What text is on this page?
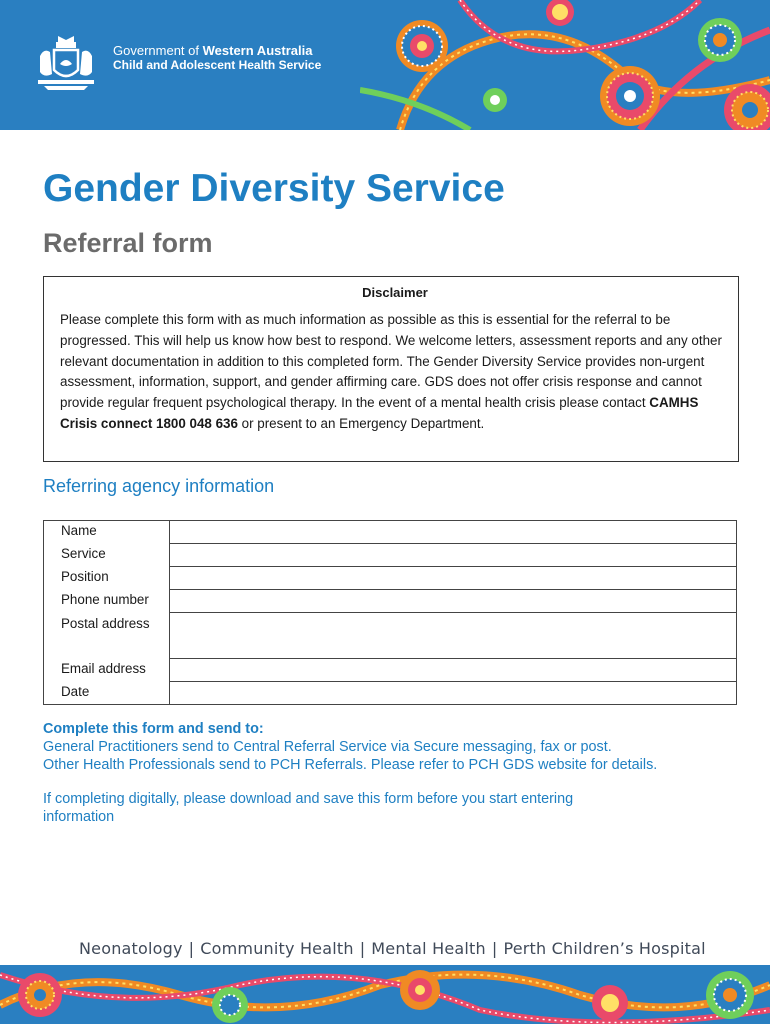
Government of Western Australia
Child and Adolescent Health Service
Gender Diversity Service
Referral form

Disclaimer

Please complete this form with as much information as possible as this is essential for the referral to be progressed. This will help us know how best to respond. We welcome letters, assessment reports and any other relevant documentation in addition to this completed form. The Gender Diversity Service provides non-urgent assessment, information, support, and gender affirming care. GDS does not offer crisis response and cannot provide regular frequent psychological therapy. In the event of a mental health crisis please contact CAMHS Crisis connect 1800 048 636 or present to an Emergency Department.

Referring agency information
Name	
Service	
Position	
Phone number	
Postal address	
Email address	
Date	

Complete this form and send to:

General Practitioners send to Central Referral Service via Secure messaging, fax or post.

Other Health Professionals send to PCH Referrals. Please refer to PCH GDS website for details.

If completing digitally, please download and save this form before you start entering information

Neonatology | Community Health | Mental Health | Perth Children’s Hospital
